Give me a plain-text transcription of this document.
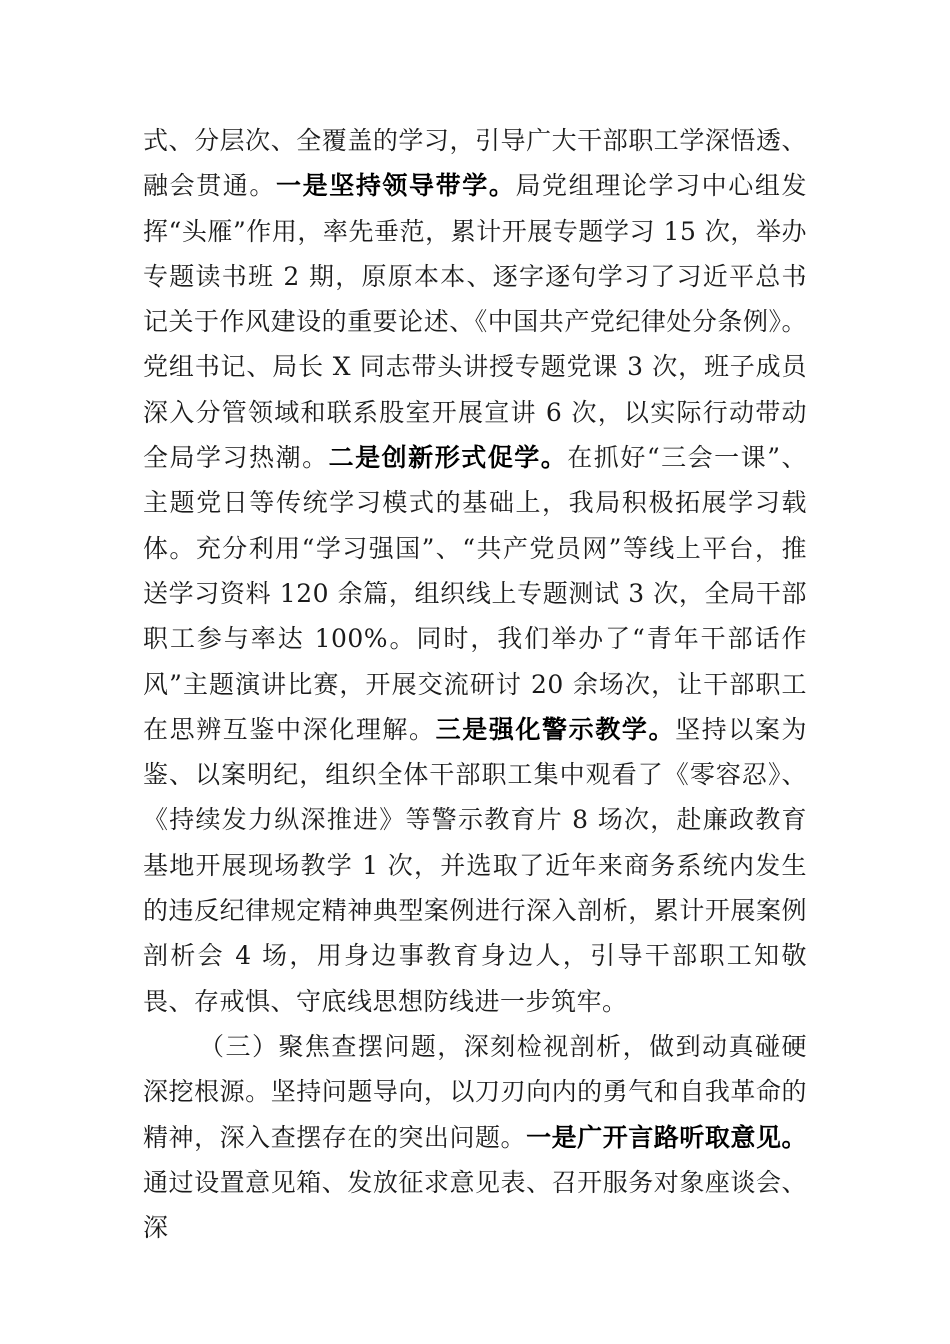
式、分层次、全覆盖的学习，引导广大干部职工学深悟透、融会贯通。一是坚持领导带学。局党组理论学习中心组发挥“头雁”作用，率先垂范，累计开展专题学习 15 次，举办专题读书班 2 期，原原本本、逐字逐句学习了习近平总书记关于作风建设的重要论述、《中国共产党纪律处分条例》。党组书记、局长 X 同志带头讲授专题党课 3 次，班子成员深入分管领域和联系股室开展宣讲 6 次，以实际行动带动全局学习热潮。二是创新形式促学。在抓好“三会一课”、主题党日等传统学习模式的基础上，我局积极拓展学习载体。充分利用“学习强国”、“共产党员网”等线上平台，推送学习资料 120 余篇，组织线上专题测试 3 次，全局干部职工参与率达 100%。同时，我们举办了“青年干部话作风”主题演讲比赛，开展交流研讨 20 余场次，让干部职工在思辨互鉴中深化理解。三是强化警示教学。坚持以案为鉴、以案明纪，组织全体干部职工集中观看了《零容忍》、《持续发力纵深推进》等警示教育片 8 场次，赴廉政教育基地开展现场教学 1 次，并选取了近年来商务系统内发生的违反纪律规定精神典型案例进行深入剖析，累计开展案例剖析会 4 场，用身边事教育身边人，引导干部职工知敬畏、存戒惧、守底线思想防线进一步筑牢。

（三）聚焦查摆问题，深刻检视剖析，做到动真碰硬深挖根源。坚持问题导向，以刀刃向内的勇气和自我革命的精神，深入查摆存在的突出问题。一是广开言路听取意见。通过设置意见箱、发放征求意见表、召开服务对象座谈会、深
